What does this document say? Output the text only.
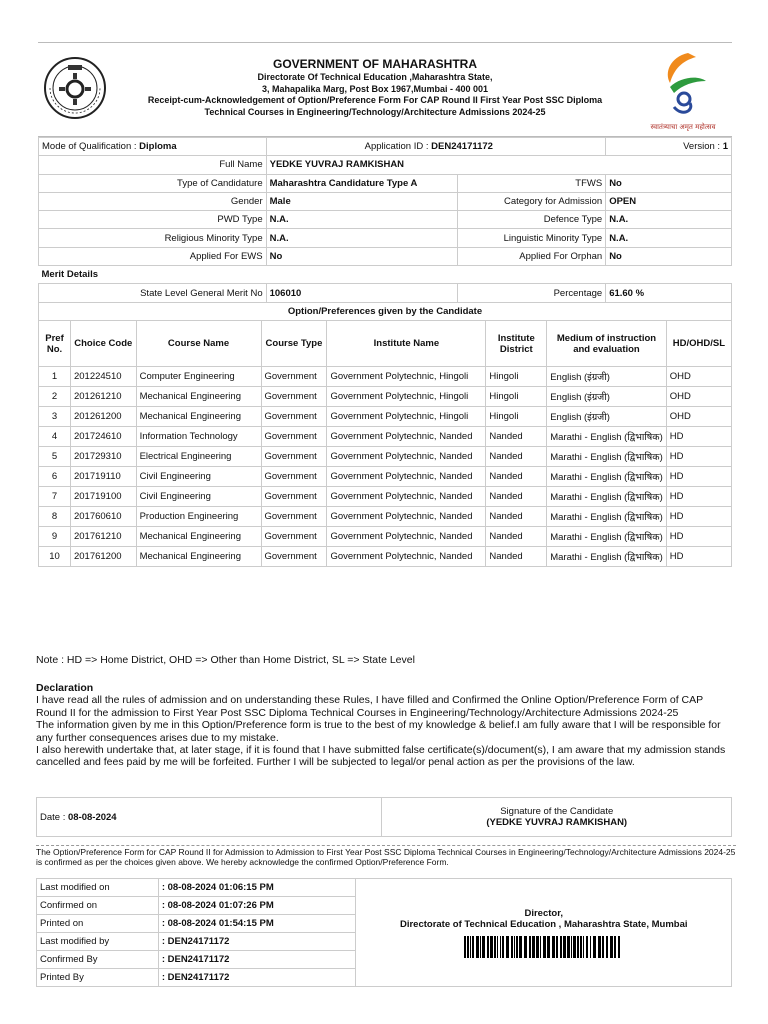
GOVERNMENT OF MAHARASHTRA
Directorate Of Technical Education ,Maharashtra State,
3, Mahapalika Marg, Post Box 1967,Mumbai - 400 001
Receipt-cum-Acknowledgement of Option/Preference Form For CAP Round II First Year Post SSC Diploma
Technical Courses in Engineering/Technology/Architecture Admissions 2024-25
स्वातंत्र्याचा अमृत महोत्सव
Mode of Qualification : Diploma	Application ID : DEN24171172		Version : 1
Full Name	YEDKE YUVRAJ RAMKISHAN		
Type of Candidature	Maharashtra Candidature Type A	TFWS	No
Gender	Male	Category for Admission	OPEN
PWD Type	N.A.	Defence Type	N.A.
Religious Minority Type	N.A.	Linguistic Minority Type	N.A.
Applied For EWS	No	Applied For Orphan	No
Merit Details			
State Level General Merit No	106010	Percentage	61.60 %
Option/Preferences given by the Candidate			
Pref No.	Choice Code	Course Name	Course Type	Institute Name	Institute District	Medium of instruction and evaluation	HD/OHD/SL
1	201224510	Computer Engineering	Government	Government Polytechnic, Hingoli	Hingoli	English (इंग्रजी)	OHD
2	201261210	Mechanical Engineering	Government	Government Polytechnic, Hingoli	Hingoli	English (इंग्रजी)	OHD
3	201261200	Mechanical Engineering	Government	Government Polytechnic, Hingoli	Hingoli	English (इंग्रजी)	OHD
4	201724610	Information Technology	Government	Government Polytechnic, Nanded	Nanded	Marathi - English (द्विभाषिक)	HD
5	201729310	Electrical Engineering	Government	Government Polytechnic, Nanded	Nanded	Marathi - English (द्विभाषिक)	HD
6	201719110	Civil Engineering	Government	Government Polytechnic, Nanded	Nanded	Marathi - English (द्विभाषिक)	HD
7	201719100	Civil Engineering	Government	Government Polytechnic, Nanded	Nanded	Marathi - English (द्विभाषिक)	HD
8	201760610	Production Engineering	Government	Government Polytechnic, Nanded	Nanded	Marathi - English (द्विभाषिक)	HD
9	201761210	Mechanical Engineering	Government	Government Polytechnic, Nanded	Nanded	Marathi - English (द्विभाषिक)	HD
10	201761200	Mechanical Engineering	Government	Government Polytechnic, Nanded	Nanded	Marathi - English (द्विभाषिक)	HD
Note : HD => Home District, OHD => Other than Home District, SL => State Level
Declaration
I have read all the rules of admission and on understanding these Rules, I have filled and Confirmed the Online Option/Preference Form of CAP Round II for the admission to First Year Post SSC Diploma Technical Courses in Engineering/Technology/Architecture Admissions 2024-25
The information given by me in this Option/Preference form is true to the best of my knowledge & belief.I am fully aware that I will be responsible for any further consequences arises due to my mistake.
I also herewith undertake that, at later stage, if it is found that I have submitted false certificate(s)/document(s), I am aware that my admission stands cancelled and fees paid by me will be forfeited. Further I will be subjected to legal/or penal action as per the provisions of the law.
Date : 08-08-2024	Signature of the Candidate
(YEDKE YUVRAJ RAMKISHAN)
The Option/Preference Form for CAP Round II for Admission to Admission to First Year Post SSC Diploma Technical Courses in Engineering/Technology/Architecture Admissions 2024-25 is confirmed as per the choices given above. We hereby acknowledge the confirmed Option/Preference Form.
Last modified on	: 08-08-2024 01:06:15 PM	Director,
Directorate of Technical Education , Maharashtra State, Mumbai

Confirmed on	: 08-08-2024 01:07:26 PM	
Printed on	: 08-08-2024 01:54:15 PM	
Last modified by	: DEN24171172	
Confirmed By	: DEN24171172	
Printed By	: DEN24171172	
